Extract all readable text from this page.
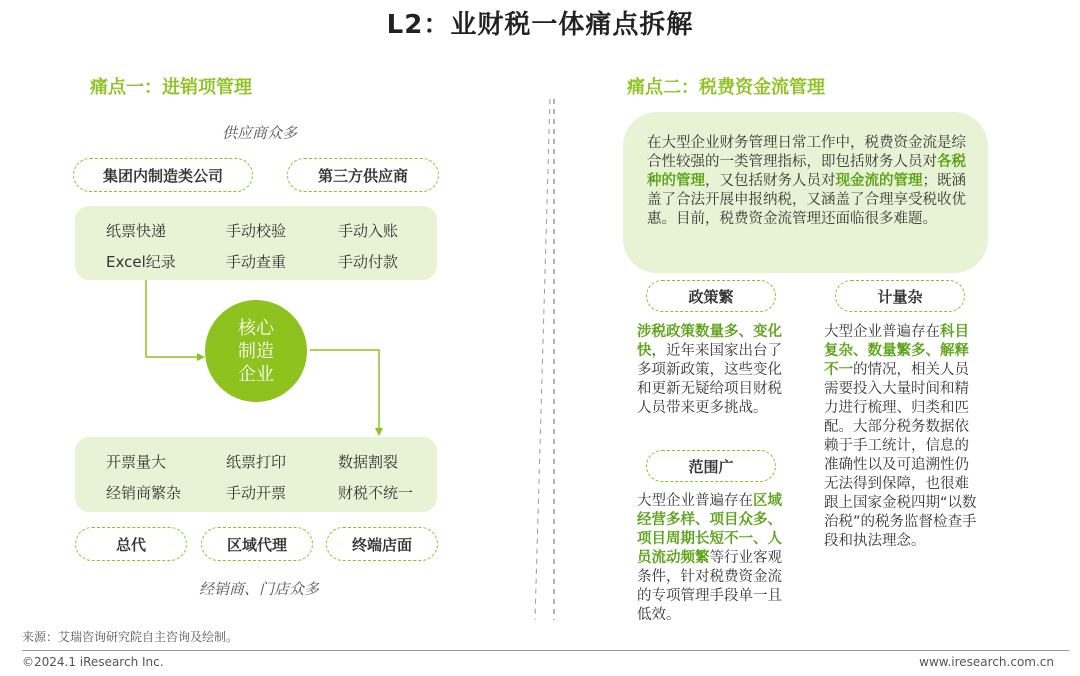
L2：业财税一体痛点拆解
痛点一：进销项管理
供应商众多
集团内制造类公司	第三方供应商
纸票快递	手动校验	手动入账
Excel纪录	手动查重	手动付款
核心制造企业
开票量大	纸票打印	数据割裂
经销商繁杂	手动开票	财税不统一
总代	区域代理	终端店面
经销商、门店众多
痛点二：税费资金流管理
在大型企业财务管理日常工作中，税费资金流是综合性较强的一类管理指标，即包括财务人员对各税种的管理，又包括财务人员对现金流的管理；既涵盖了合法开展申报纳税，又涵盖了合理享受税收优惠。目前，税费资金流管理还面临很多难题。
政策繁
涉税政策数量多、变化快，近年来国家出台了多项新政策，这些变化和更新无疑给项目财税人员带来更多挑战。
范围广
大型企业普遍存在区域经营多样、项目众多、项目周期长短不一、人员流动频繁等行业客观条件，针对税费资金流的专项管理手段单一且低效。
计量杂
大型企业普遍存在科目复杂、数量繁多、解释不一的情况，相关人员需要投入大量时间和精力进行梳理、归类和匹配。大部分税务数据依赖于手工统计，信息的准确性以及可追溯性仍无法得到保障，也很难跟上国家金税四期“以数治税”的税务监督检查手段和执法理念。
来源：艾瑞咨询研究院自主咨询及绘制。
©2024.1 iResearch Inc.	www.iresearch.com.cn
